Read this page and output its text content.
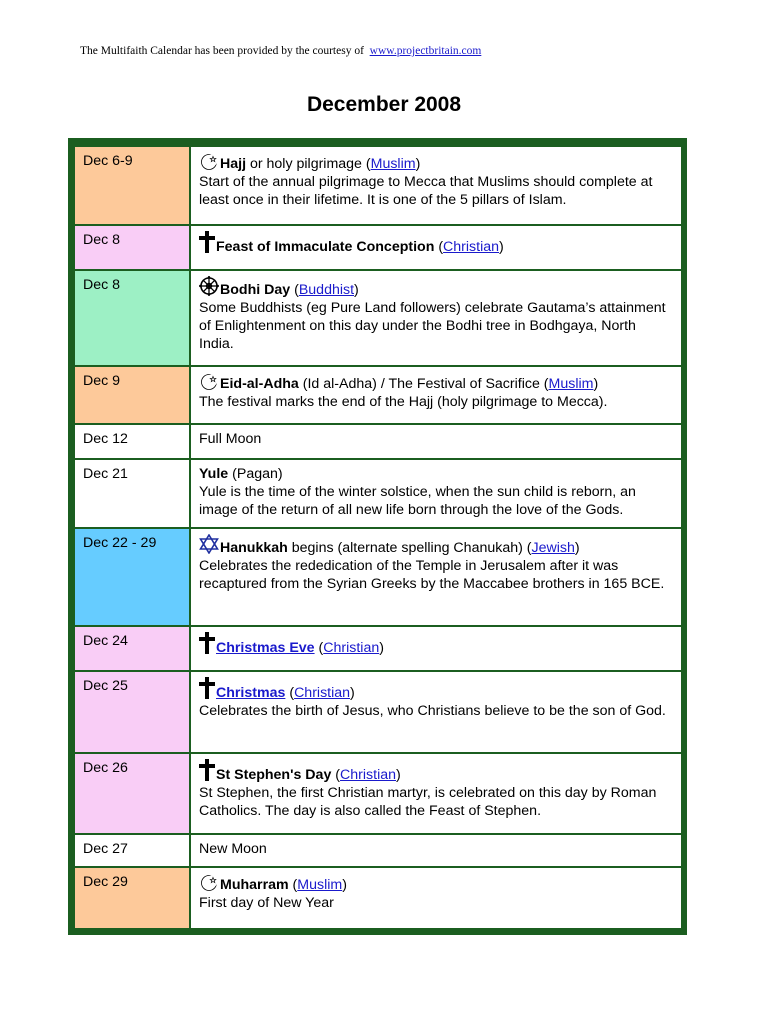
The Multifaith Calendar has been provided by the courtesy of www.projectbritain.com
December 2008
Dec 6-9	Hajj or holy pilgrimage (Muslim)
Start of the annual pilgrimage to Mecca that Muslims should complete at least once in their lifetime. It is one of the 5 pillars of Islam.
Dec 8	Feast of Immaculate Conception (Christian)
Dec 8	Bodhi Day (Buddhist)
Some Buddhists (eg Pure Land followers) celebrate Gautama’s attainment of Enlightenment on this day under the Bodhi tree in Bodhgaya, North India.
Dec 9	Eid-al-Adha (Id al-Adha) / The Festival of Sacrifice (Muslim)
The festival marks the end of the Hajj (holy pilgrimage to Mecca).
Dec 12	Full Moon
Dec 21	Yule (Pagan)
Yule is the time of the winter solstice, when the sun child is reborn, an image of the return of all new life born through the love of the Gods.
Dec 22 - 29	Hanukkah begins (alternate spelling Chanukah) (Jewish)
Celebrates the rededication of the Temple in Jerusalem after it was recaptured from the Syrian Greeks by the Maccabee brothers in 165 BCE.
Dec 24	Christmas Eve (Christian)
Dec 25	Christmas (Christian)
Celebrates the birth of Jesus, who Christians believe to be the son of God.
Dec 26	St Stephen's Day (Christian)
St Stephen, the first Christian martyr, is celebrated on this day by Roman Catholics. The day is also called the Feast of Stephen.
Dec 27	New Moon
Dec 29	Muharram (Muslim)
First day of New Year
